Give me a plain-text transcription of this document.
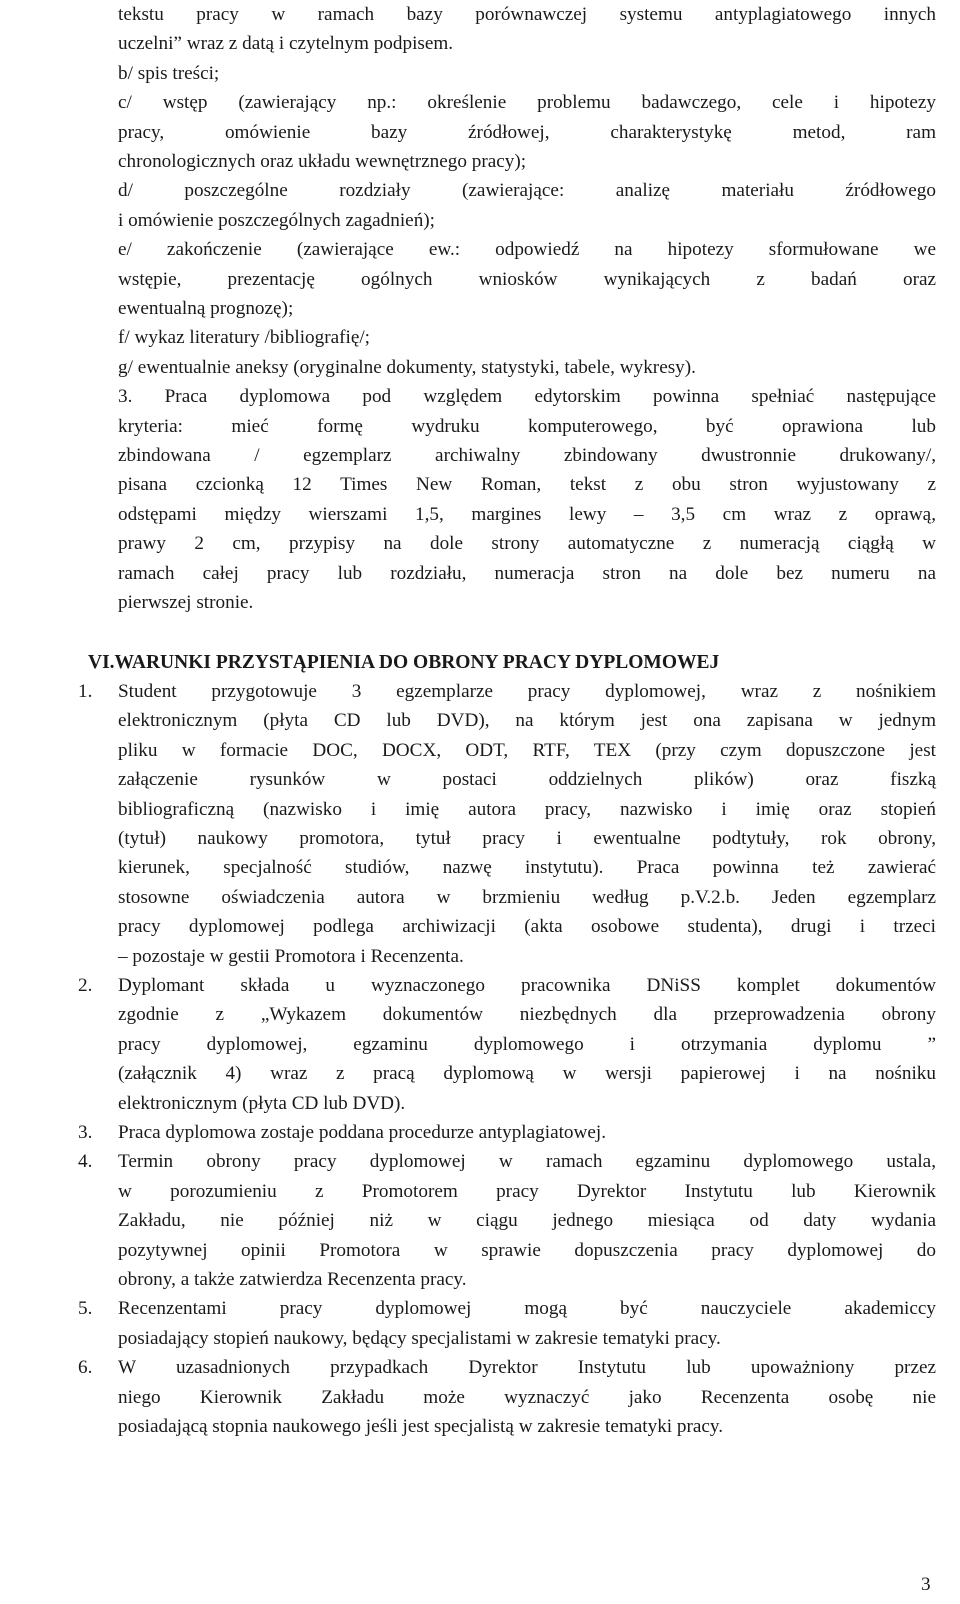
tekstu pracy w ramach bazy porównawczej systemu antyplagiatowego innych
uczelni” wraz z datą i czytelnym podpisem.
b/ spis treści;
c/ wstęp (zawierający np.: określenie problemu badawczego, cele i hipotezy
pracy, omówienie bazy źródłowej, charakterystykę metod, ram
chronologicznych oraz układu wewnętrznego pracy);
d/ poszczególne rozdziały (zawierające: analizę materiału źródłowego
i omówienie poszczególnych zagadnień);
e/ zakończenie (zawierające ew.: odpowiedź na hipotezy sformułowane we
wstępie, prezentację ogólnych wniosków wynikających z badań oraz
ewentualną prognozę);
f/ wykaz literatury /bibliografię/;
g/ ewentualnie aneksy (oryginalne dokumenty, statystyki, tabele, wykresy).
3. Praca dyplomowa pod względem edytorskim powinna spełniać następujące
kryteria: mieć formę wydruku komputerowego, być oprawiona lub
zbindowana / egzemplarz archiwalny zbindowany dwustronnie drukowany/,
pisana czcionką 12 Times New Roman, tekst z obu stron wyjustowany z
odstępami między wierszami 1,5, margines lewy – 3,5 cm wraz z oprawą,
prawy 2 cm, przypisy na dole strony automatyczne z numeracją ciągłą w
ramach całej pracy lub rozdziału, numeracja stron na dole bez numeru na
pierwszej stronie.
VI.WARUNKI PRZYSTĄPIENIA DO OBRONY PRACY DYPLOMOWEJ
1. Student przygotowuje 3 egzemplarze pracy dyplomowej, wraz z nośnikiem
elektronicznym (płyta CD lub DVD), na którym jest ona zapisana w jednym
pliku w formacie DOC, DOCX, ODT, RTF, TEX (przy czym dopuszczone jest
załączenie rysunków w postaci oddzielnych plików) oraz fiszką
bibliograficzną (nazwisko i imię autora pracy, nazwisko i imię oraz stopień
(tytuł) naukowy promotora, tytuł pracy i ewentualne podtytuły, rok obrony,
kierunek, specjalność studiów, nazwę instytutu). Praca powinna też zawierać
stosowne oświadczenia autora w brzmieniu według p.V.2.b. Jeden egzemplarz
pracy dyplomowej podlega archiwizacji (akta osobowe studenta), drugi i trzeci
– pozostaje w gestii Promotora i Recenzenta.
2. Dyplomant składa u wyznaczonego pracownika DNiSS komplet dokumentów
zgodnie z „Wykazem dokumentów niezbędnych dla przeprowadzenia obrony
pracy dyplomowej, egzaminu dyplomowego i otrzymania dyplomu ”
(załącznik 4) wraz z pracą dyplomową w wersji papierowej i na nośniku
elektronicznym (płyta CD lub DVD).
3. Praca dyplomowa zostaje poddana procedurze antyplagiatowej.
4. Termin obrony pracy dyplomowej w ramach egzaminu dyplomowego ustala,
w porozumieniu z Promotorem pracy Dyrektor Instytutu lub Kierownik
Zakładu, nie później niż w ciągu jednego miesiąca od daty wydania
pozytywnej opinii Promotora w sprawie dopuszczenia pracy dyplomowej do
obrony, a także zatwierdza Recenzenta pracy.
5. Recenzentami pracy dyplomowej mogą być nauczyciele akademiccy
posiadający stopień naukowy, będący specjalistami w zakresie tematyki pracy.
6. W uzasadnionych przypadkach Dyrektor Instytutu lub upoważniony przez
niego Kierownik Zakładu może wyznaczyć jako Recenzenta osobę nie
posiadającą stopnia naukowego jeśli jest specjalistą w zakresie tematyki pracy.
3
